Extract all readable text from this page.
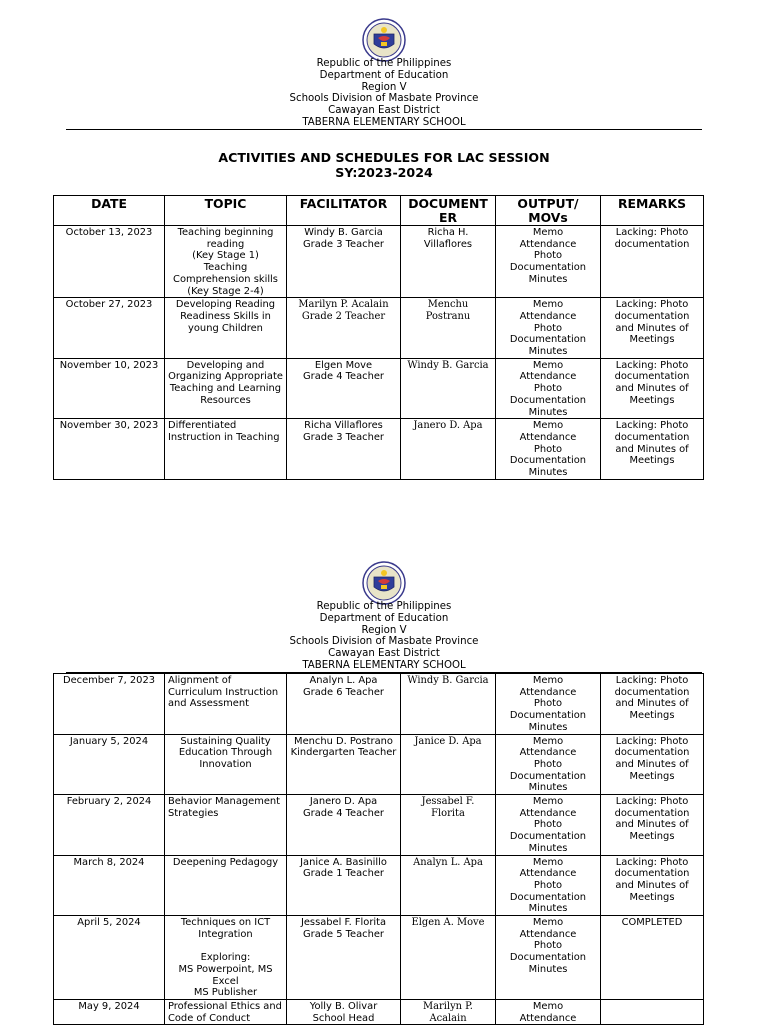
Republic of the Philippines
Department of Education
Region V
Schools Division of Masbate Province
Cawayan East District
TABERNA ELEMENTARY SCHOOL
ACTIVITIES AND SCHEDULES FOR LAC SESSION
SY:2023-2024
DATE	TOPIC	FACILITATOR	DOCUMENT ER	OUTPUT/ MOVs	REMARKS
October 13, 2023	Teaching beginning reading
(Key Stage 1)
Teaching Comprehension skills
(Key Stage 2-4)	Windy B. Garcia
Grade 3 Teacher	Richa H. Villaflores	Memo
Attendance
Photo Documentation
Minutes	Lacking: Photo documentation
October 27, 2023	Developing Reading Readiness Skills in young Children	Marilyn P. Acalain
Grade 2 Teacher	Menchu Postranu	Memo
Attendance
Photo Documentation
Minutes	Lacking: Photo documentation and Minutes of Meetings
November 10, 2023	Developing and Organizing Appropriate Teaching and Learning Resources	Elgen Move
Grade 4 Teacher	Windy B. Garcia	Memo
Attendance
Photo Documentation
Minutes	Lacking: Photo documentation and Minutes of Meetings
November 30, 2023	Differentiated Instruction in Teaching	Richa Villaflores
Grade 3 Teacher	Janero D. Apa	Memo
Attendance
Photo Documentation
Minutes	Lacking: Photo documentation and Minutes of Meetings
Republic of the Philippines
Department of Education
Region V
Schools Division of Masbate Province
Cawayan East District
TABERNA ELEMENTARY SCHOOL
December 7, 2023	Alignment of Curriculum Instruction and Assessment	Analyn L. Apa
Grade 6 Teacher	Windy B. Garcia	Memo
Attendance
Photo Documentation
Minutes	Lacking: Photo documentation and Minutes of Meetings
January 5, 2024	Sustaining Quality Education Through Innovation	Menchu D. Postrano
Kindergarten Teacher	Janice D. Apa	Memo
Attendance
Photo Documentation
Minutes	Lacking: Photo documentation and Minutes of Meetings
February 2, 2024	Behavior Management Strategies	Janero D. Apa
Grade 4 Teacher	Jessabel F. Florita	Memo
Attendance
Photo Documentation
Minutes	Lacking: Photo documentation and Minutes of Meetings
March 8, 2024	Deepening Pedagogy	Janice A. Basinillo
Grade 1 Teacher	Analyn L. Apa	Memo
Attendance
Photo Documentation
Minutes	Lacking: Photo documentation and Minutes of Meetings
April 5, 2024	Techniques on ICT Integration

Exploring:
MS Powerpoint, MS Excel
MS Publisher	Jessabel F. Florita
Grade 5 Teacher	Elgen A. Move	Memo
Attendance
Photo Documentation
Minutes	COMPLETED
May 9, 2024	Professional Ethics and Code of Conduct	Yolly B. Olivar
School Head	Marilyn P. Acalain	Memo
Attendance	
